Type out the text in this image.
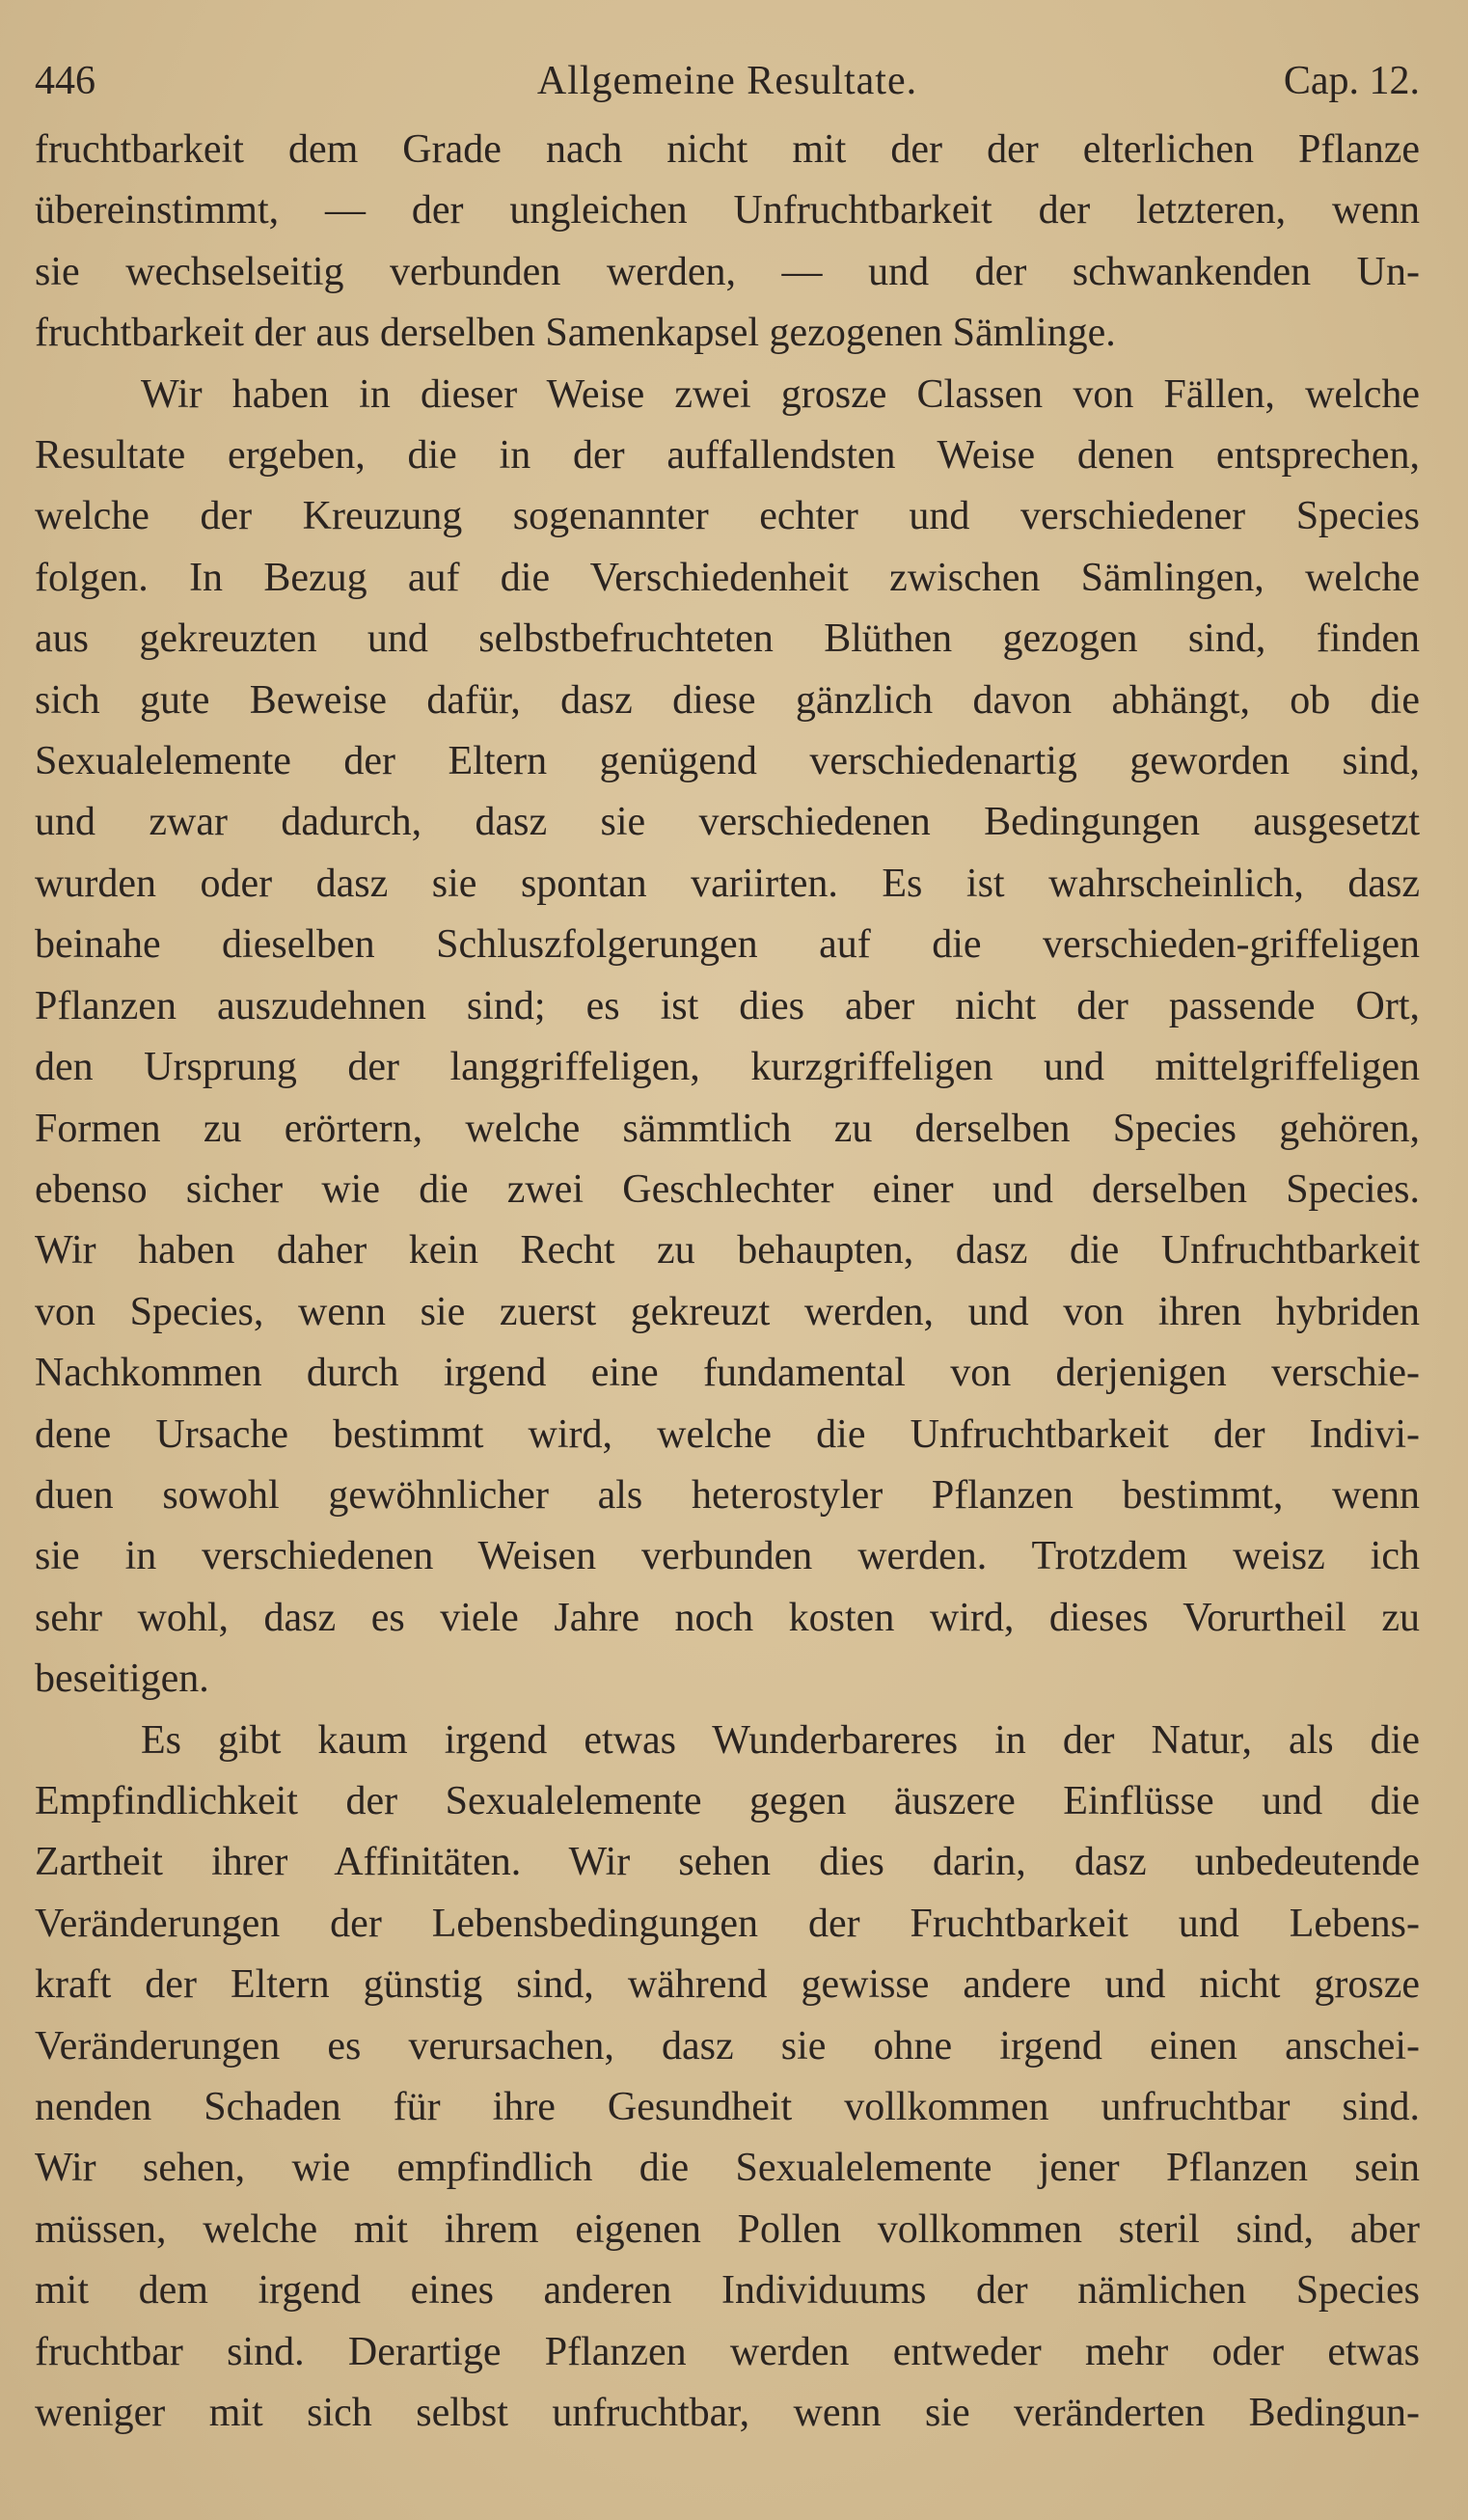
446	Allgemeine Resultate.	Cap. 12.
fruchtbarkeit dem Grade nach nicht mit der der elterlichen Pflanze
übereinstimmt, — der ungleichen Unfruchtbarkeit der letzteren, wenn
sie wechselseitig verbunden werden, — und der schwankenden Un-
fruchtbarkeit der aus derselben Samenkapsel gezogenen Sämlinge.
Wir haben in dieser Weise zwei grosze Classen von Fällen, welche
Resultate ergeben, die in der auffallendsten Weise denen entsprechen,
welche der Kreuzung sogenannter echter und verschiedener Species
folgen. In Bezug auf die Verschiedenheit zwischen Sämlingen, welche
aus gekreuzten und selbstbefruchteten Blüthen gezogen sind, finden
sich gute Beweise dafür, dasz diese gänzlich davon abhängt, ob die
Sexualelemente der Eltern genügend verschiedenartig geworden sind,
und zwar dadurch, dasz sie verschiedenen Bedingungen ausgesetzt
wurden oder dasz sie spontan variirten. Es ist wahrscheinlich, dasz
beinahe dieselben Schluszfolgerungen auf die verschieden-griffeligen
Pflanzen auszudehnen sind; es ist dies aber nicht der passende Ort,
den Ursprung der langgriffeligen, kurzgriffeligen und mittelgriffeligen
Formen zu erörtern, welche sämmtlich zu derselben Species gehören,
ebenso sicher wie die zwei Geschlechter einer und derselben Species.
Wir haben daher kein Recht zu behaupten, dasz die Unfruchtbarkeit
von Species, wenn sie zuerst gekreuzt werden, und von ihren hybriden
Nachkommen durch irgend eine fundamental von derjenigen verschie-
dene Ursache bestimmt wird, welche die Unfruchtbarkeit der Indivi-
duen sowohl gewöhnlicher als heterostyler Pflanzen bestimmt, wenn
sie in verschiedenen Weisen verbunden werden. Trotzdem weisz ich
sehr wohl, dasz es viele Jahre noch kosten wird, dieses Vorurtheil zu
beseitigen.
Es gibt kaum irgend etwas Wunderbareres in der Natur, als die
Empfindlichkeit der Sexualelemente gegen äuszere Einflüsse und die
Zartheit ihrer Affinitäten. Wir sehen dies darin, dasz unbedeutende
Veränderungen der Lebensbedingungen der Fruchtbarkeit und Lebens-
kraft der Eltern günstig sind, während gewisse andere und nicht grosze
Veränderungen es verursachen, dasz sie ohne irgend einen anschei-
nenden Schaden für ihre Gesundheit vollkommen unfruchtbar sind.
Wir sehen, wie empfindlich die Sexualelemente jener Pflanzen sein
müssen, welche mit ihrem eigenen Pollen vollkommen steril sind, aber
mit dem irgend eines anderen Individuums der nämlichen Species
fruchtbar sind. Derartige Pflanzen werden entweder mehr oder etwas
weniger mit sich selbst unfruchtbar, wenn sie veränderten Bedingun-
